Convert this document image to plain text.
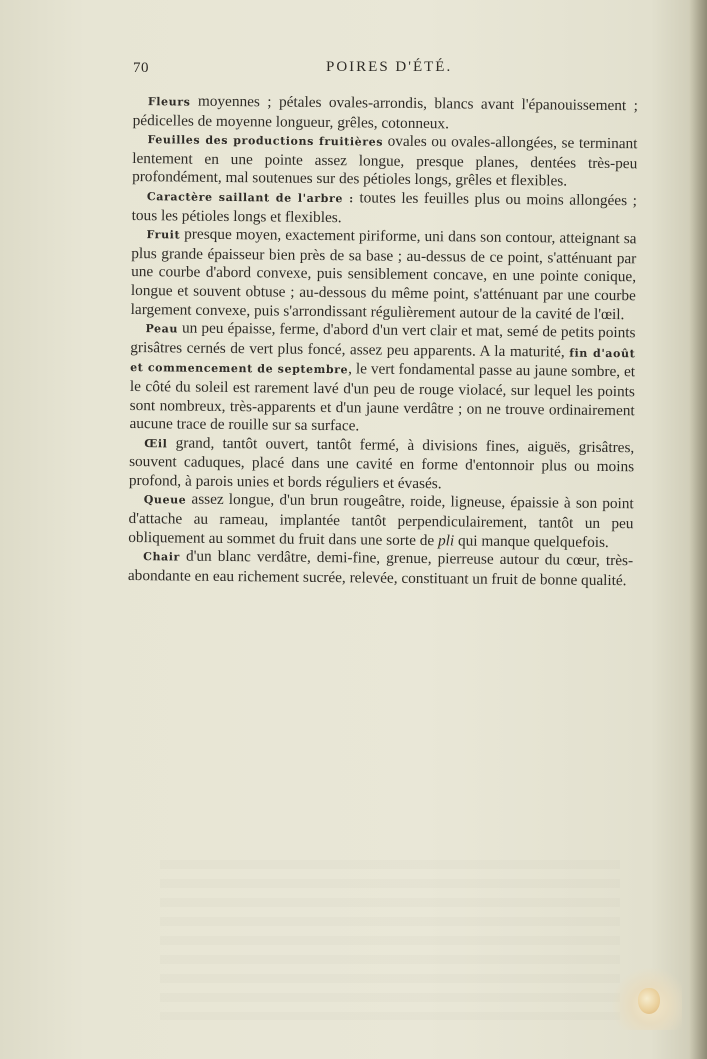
70	POIRES D'ÉTÉ.

Fleurs moyennes ; pétales ovales-arrondis, blancs avant l'épanouissement ; pédicelles de moyenne longueur, grêles, cotonneux.

Feuilles des productions fruitières ovales ou ovales-allongées, se terminant lentement en une pointe assez longue, presque planes, dentées très-peu profondément, mal soutenues sur des pétioles longs, grêles et flexibles.

Caractère saillant de l'arbre : toutes les feuilles plus ou moins allongées ; tous les pétioles longs et flexibles.

Fruit presque moyen, exactement piriforme, uni dans son contour, atteignant sa plus grande épaisseur bien près de sa base ; au-dessus de ce point, s'atténuant par une courbe d'abord convexe, puis sensiblement concave, en une pointe conique, longue et souvent obtuse ; au-dessous du même point, s'atténuant par une courbe largement convexe, puis s'arrondissant régulièrement autour de la cavité de l'œil.

Peau un peu épaisse, ferme, d'abord d'un vert clair et mat, semé de petits points grisâtres cernés de vert plus foncé, assez peu apparents. A la maturité, fin d'août et commencement de septembre, le vert fondamental passe au jaune sombre, et le côté du soleil est rarement lavé d'un peu de rouge violacé, sur lequel les points sont nombreux, très-apparents et d'un jaune verdâtre ; on ne trouve ordinairement aucune trace de rouille sur sa surface.

Œil grand, tantôt ouvert, tantôt fermé, à divisions fines, aiguës, grisâtres, souvent caduques, placé dans une cavité en forme d'entonnoir plus ou moins profond, à parois unies et bords réguliers et évasés.

Queue assez longue, d'un brun rougeâtre, roide, ligneuse, épaissie à son point d'attache au rameau, implantée tantôt perpendiculairement, tantôt un peu obliquement au sommet du fruit dans une sorte de pli qui manque quelquefois.

Chair d'un blanc verdâtre, demi-fine, grenue, pierreuse autour du cœur, très-abondante en eau richement sucrée, relevée, constituant un fruit de bonne qualité.
